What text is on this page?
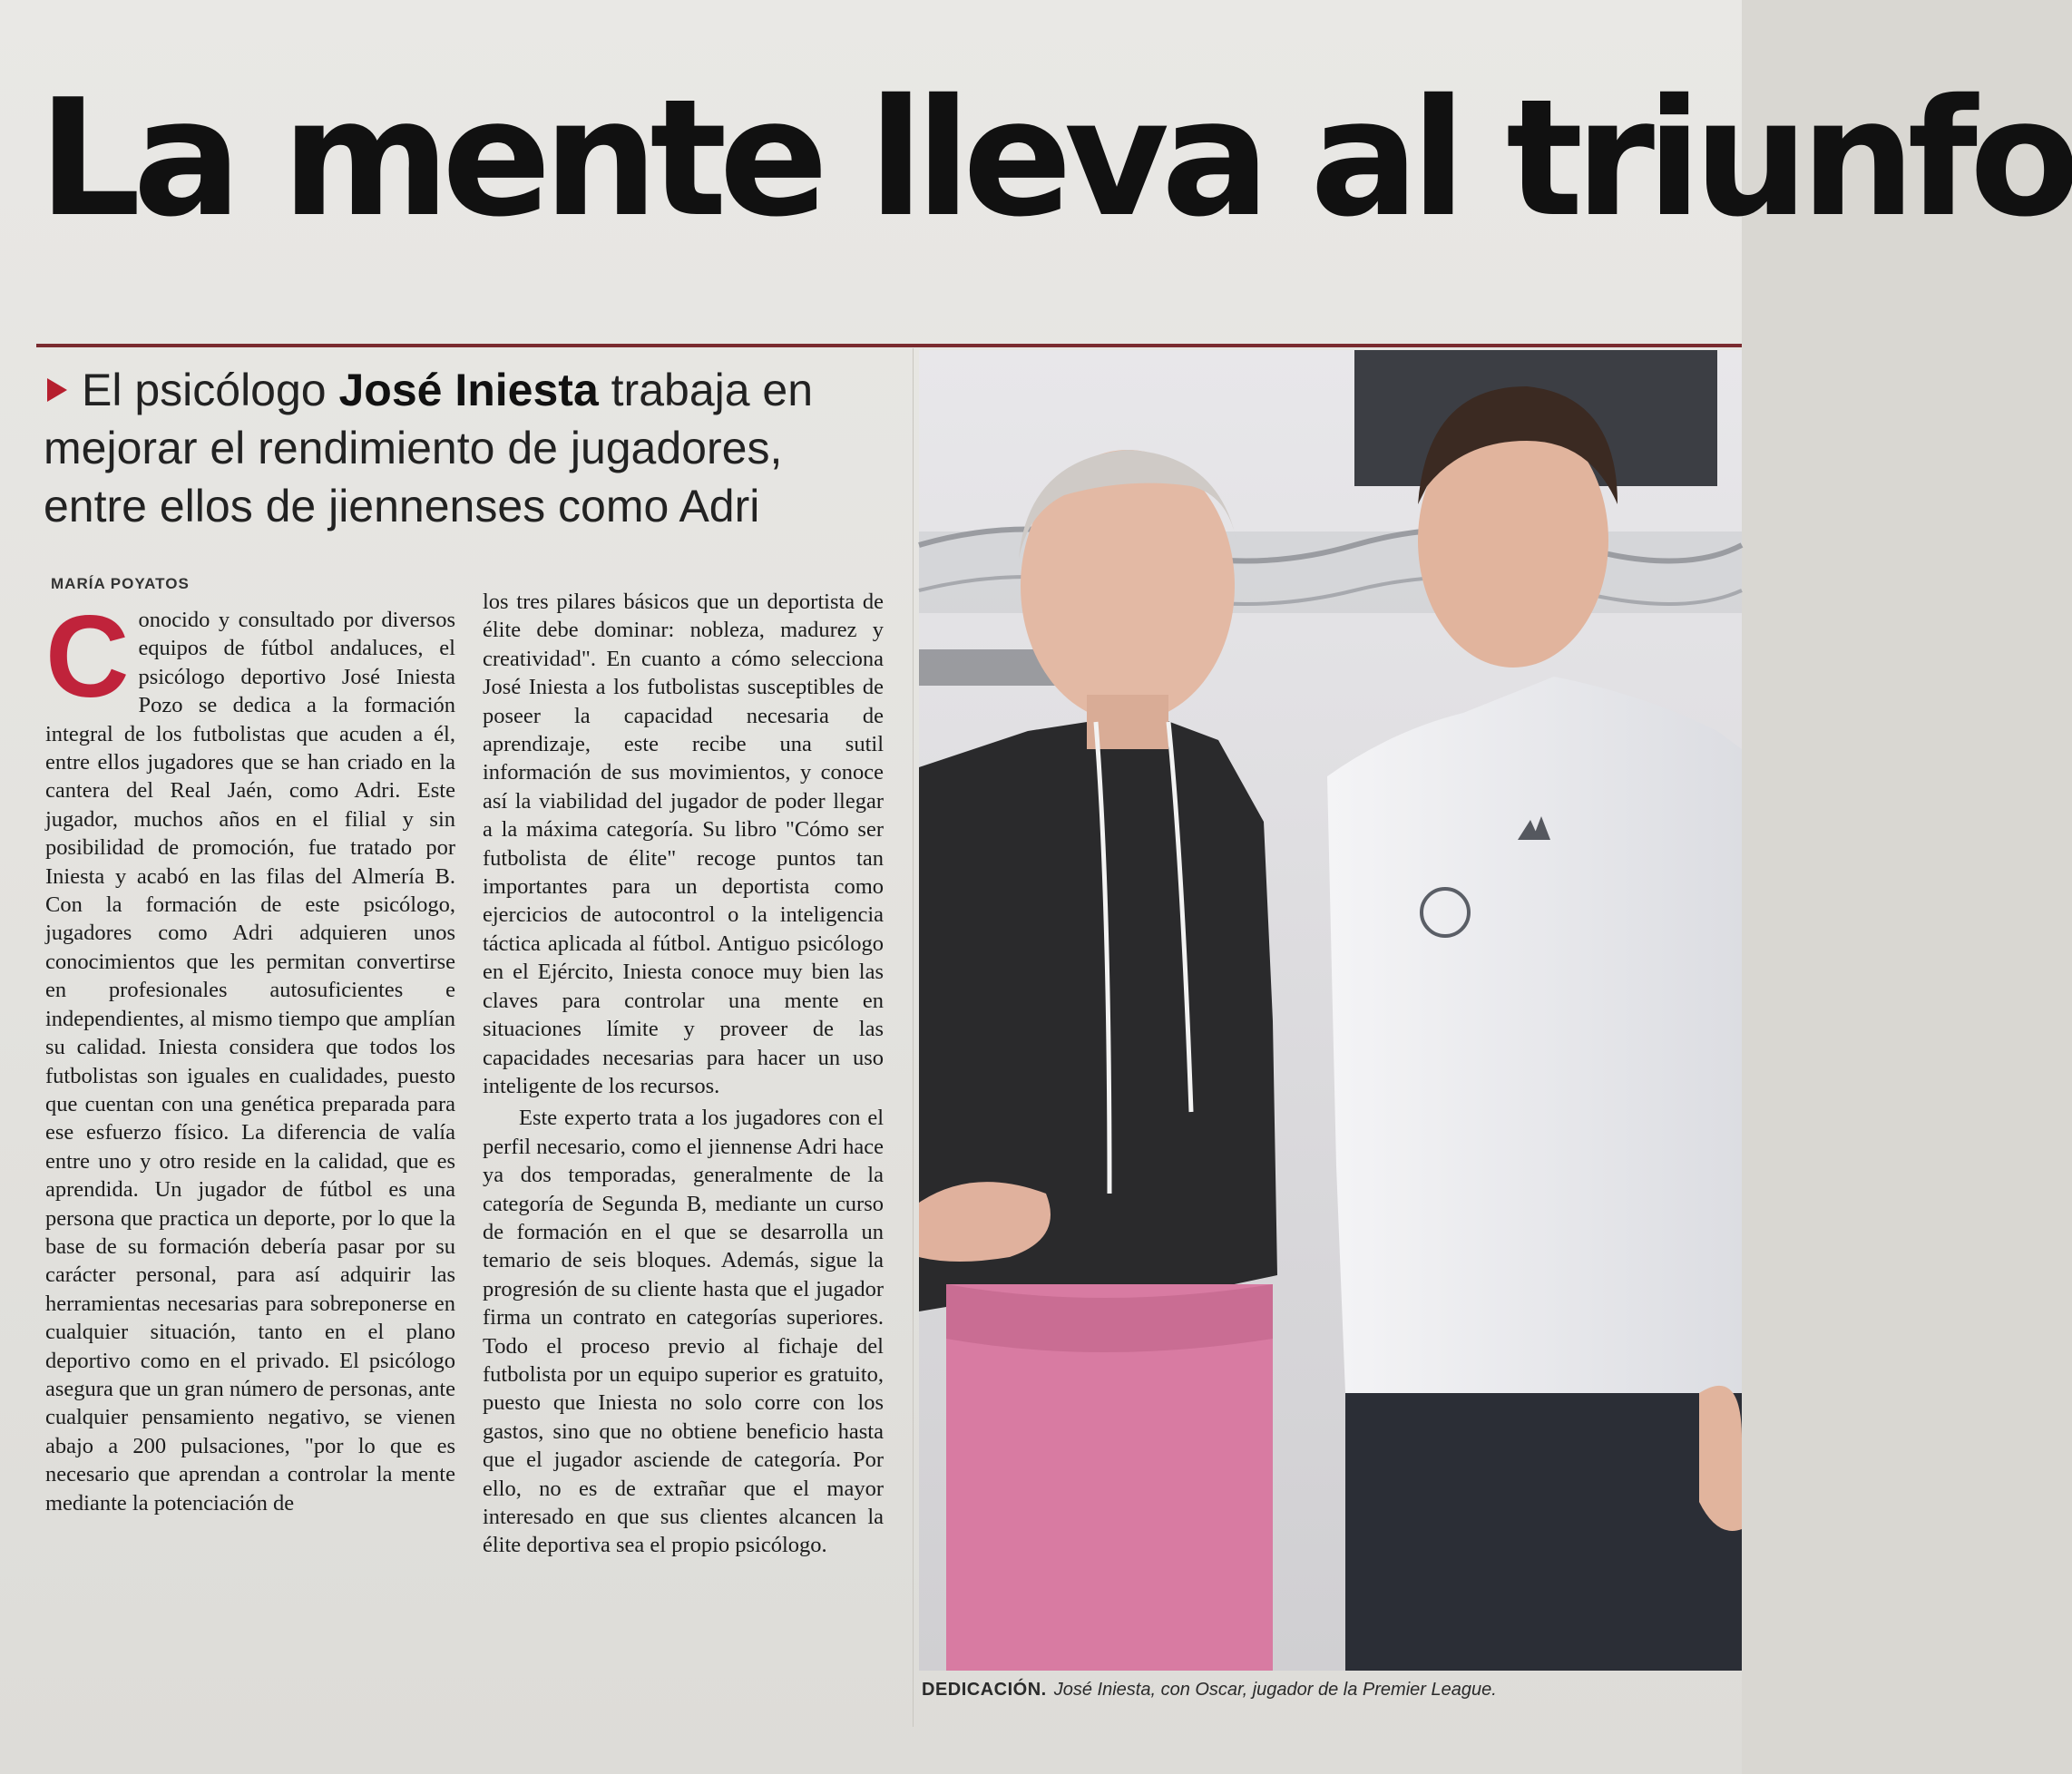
La mente lleva al triunfo

El psicólogo José Iniesta trabaja en mejorar el rendimiento de jugadores, entre ellos de jiennenses como Adri

MARÍA POYATOS

Conocido y consultado por diversos equipos de fútbol andaluces, el psicólogo deportivo José Iniesta Pozo se dedica a la formación integral de los futbolistas que acuden a él, entre ellos jugadores que se han criado en la cantera del Real Jaén, como Adri. Este jugador, muchos años en el filial y sin posibilidad de promoción, fue tratado por Iniesta y acabó en las filas del Almería B. Con la formación de este psicólogo, jugadores como Adri adquieren unos conocimientos que les permitan convertirse en profesionales autosuficientes e independientes, al mismo tiempo que amplían su calidad. Iniesta considera que todos los futbolistas son iguales en cualidades, puesto que cuentan con una genética preparada para ese esfuerzo físico. La diferencia de valía entre uno y otro reside en la calidad, que es aprendida. Un jugador de fútbol es una persona que practica un deporte, por lo que la base de su formación debería pasar por su carácter personal, para así adquirir las herramientas necesarias para sobreponerse en cualquier situación, tanto en el plano deportivo como en el privado. El psicólogo asegura que un gran número de personas, ante cualquier pensamiento negativo, se vienen abajo a 200 pulsaciones, "por lo que es necesario que aprendan a controlar la mente mediante la potenciación de

los tres pilares básicos que un deportista de élite debe dominar: nobleza, madurez y creatividad". En cuanto a cómo selecciona José Iniesta a los futbolistas susceptibles de poseer la capacidad necesaria de aprendizaje, este recibe una sutil información de sus movimientos, y conoce así la viabilidad del jugador de poder llegar a la máxima categoría. Su libro "Cómo ser futbolista de élite" recoge puntos tan importantes para un deportista como ejercicios de autocontrol o la inteligencia táctica aplicada al fútbol. Antiguo psicólogo en el Ejército, Iniesta conoce muy bien las claves para controlar una mente en situaciones límite y proveer de las capacidades necesarias para hacer un uso inteligente de los recursos.

Este experto trata a los jugadores con el perfil necesario, como el jiennense Adri hace ya dos temporadas, generalmente de la categoría de Segunda B, mediante un curso de formación en el que se desarrolla un temario de seis bloques. Además, sigue la progresión de su cliente hasta que el jugador firma un contrato en categorías superiores. Todo el proceso previo al fichaje del futbolista por un equipo superior es gratuito, puesto que Iniesta no solo corre con los gastos, sino que no obtiene beneficio hasta que el jugador asciende de categoría. Por ello, no es de extrañar que el mayor interesado en que sus clientes alcancen la élite deportiva sea el propio psicólogo.

DEDICACIÓN. José Iniesta, con Oscar, jugador de la Premier League.
